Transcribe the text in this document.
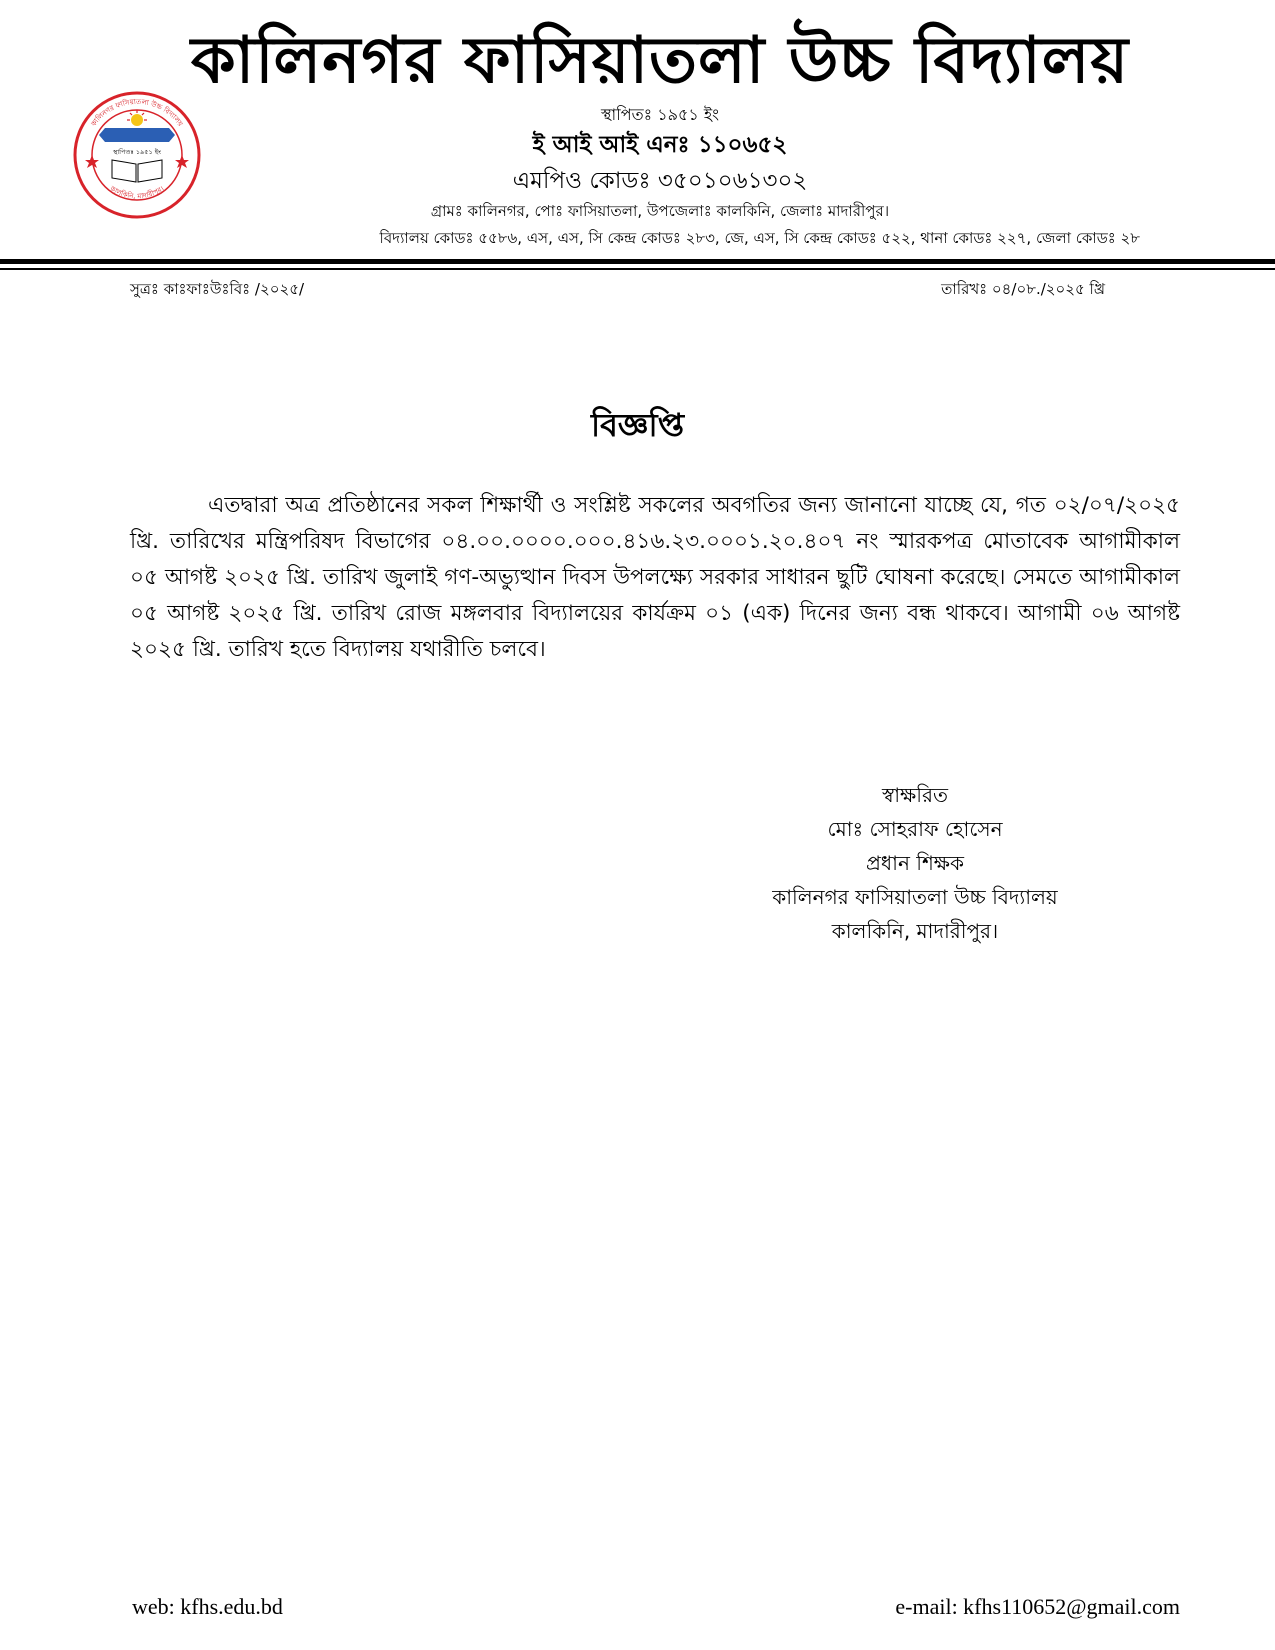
কালিনগর ফাসিয়াতলা উচ্চ বিদ্যালয়
কালকিনি, মাদারীপুর।
স্থাপিতঃ ১৯৫১ ইং
কালিনগর ফাসিয়াতলা উচ্চ বিদ্যালয়
স্থাপিতঃ ১৯৫১ ইং
ই আই আই এনঃ ১১০৬৫২
এমপিও কোডঃ ৩৫০১০৬১৩০২
গ্রামঃ কালিনগর, পোঃ ফাসিয়াতলা, উপজেলাঃ কালকিনি, জেলাঃ মাদারীপুর।
বিদ্যালয় কোডঃ ৫৫৮৬, এস, এস, সি কেন্দ্র কোডঃ ২৮৩, জে, এস, সি কেন্দ্র কোডঃ ৫২২, থানা কোডঃ ২২৭, জেলা কোডঃ ২৮
সুত্রঃ কাঃফাঃউঃবিঃ /২০২৫/	তারিখঃ ০৪/০৮./২০২৫ খ্রি
বিজ্ঞপ্তি

এতদ্বারা অত্র প্রতিষ্ঠানের সকল শিক্ষার্থী ও সংশ্লিষ্ট সকলের অবগতির জন্য জানানো যাচ্ছে যে, গত ০২/০৭/২০২৫ খ্রি. তারিখের মন্ত্রিপরিষদ বিভাগের ০৪.০০.০০০০.০০০.৪১৬.২৩.০০০১.২০.৪০৭ নং স্মারকপত্র মোতাবেক আগামীকাল ০৫ আগষ্ট ২০২৫ খ্রি. তারিখ জুলাই গণ-অভ্যুত্থান দিবস উপলক্ষ্যে সরকার সাধারন ছুটি ঘোষনা করেছে। সেমতে আগামীকাল ০৫ আগষ্ট ২০২৫ খ্রি. তারিখ রোজ মঙ্গলবার বিদ্যালয়ের কার্যক্রম ০১ (এক) দিনের জন্য বন্ধ থাকবে। আগামী ০৬ আগষ্ট ২০২৫ খ্রি. তারিখ হতে বিদ্যালয় যথারীতি চলবে।

স্বাক্ষরিত
মোঃ সোহরাফ হোসেন
প্রধান শিক্ষক
কালিনগর ফাসিয়াতলা উচ্চ বিদ্যালয়
কালকিনি, মাদারীপুর।
web: kfhs.edu.bd	e-mail: kfhs110652@gmail.com
